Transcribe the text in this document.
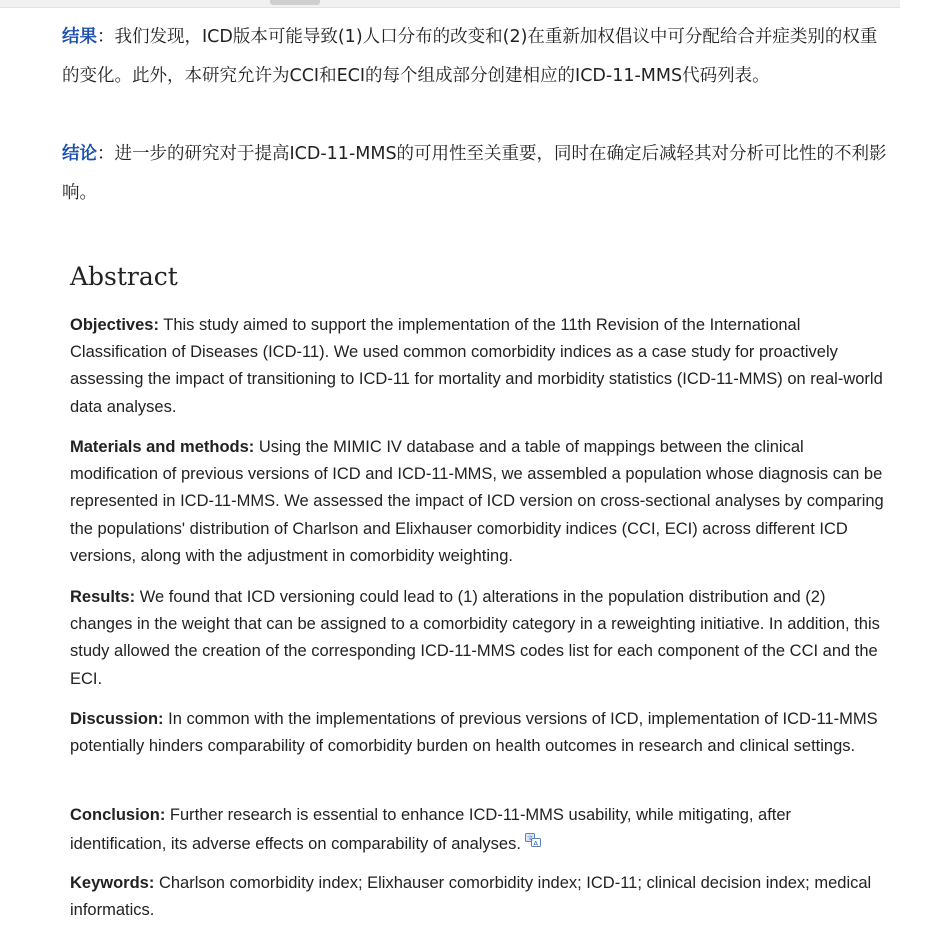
结果：我们发现，ICD版本可能导致(1)人口分布的改变和(2)在重新加权倡议中可分配给合并症类别的权重的变化。此外，本研究允许为CCI和ECI的每个组成部分创建相应的ICD-11-MMS代码列表。

结论：进一步的研究对于提高ICD-11-MMS的可用性至关重要，同时在确定后减轻其对分析可比性的不利影响。

Abstract

Objectives: This study aimed to support the implementation of the 11th Revision of the International Classification of Diseases (ICD-11). We used common comorbidity indices as a case study for proactively assessing the impact of transitioning to ICD-11 for mortality and morbidity statistics (ICD-11-MMS) on real-world data analyses.

Materials and methods: Using the MIMIC IV database and a table of mappings between the clinical modification of previous versions of ICD and ICD-11-MMS, we assembled a population whose diagnosis can be represented in ICD-11-MMS. We assessed the impact of ICD version on cross-sectional analyses by comparing the populations' distribution of Charlson and Elixhauser comorbidity indices (CCI, ECI) across different ICD versions, along with the adjustment in comorbidity weighting.

Results: We found that ICD versioning could lead to (1) alterations in the population distribution and (2) changes in the weight that can be assigned to a comorbidity category in a reweighting initiative. In addition, this study allowed the creation of the corresponding ICD-11-MMS codes list for each component of the CCI and the ECI.

Discussion: In common with the implementations of previous versions of ICD, implementation of ICD-11-MMS potentially hinders comparability of comorbidity burden on health outcomes in research and clinical settings.

Conclusion: Further research is essential to enhance ICD-11-MMS usability, while mitigating, after identification, its adverse effects on comparability of analyses. 文
A

Keywords: Charlson comorbidity index; Elixhauser comorbidity index; ICD-11; clinical decision index; medical informatics.
